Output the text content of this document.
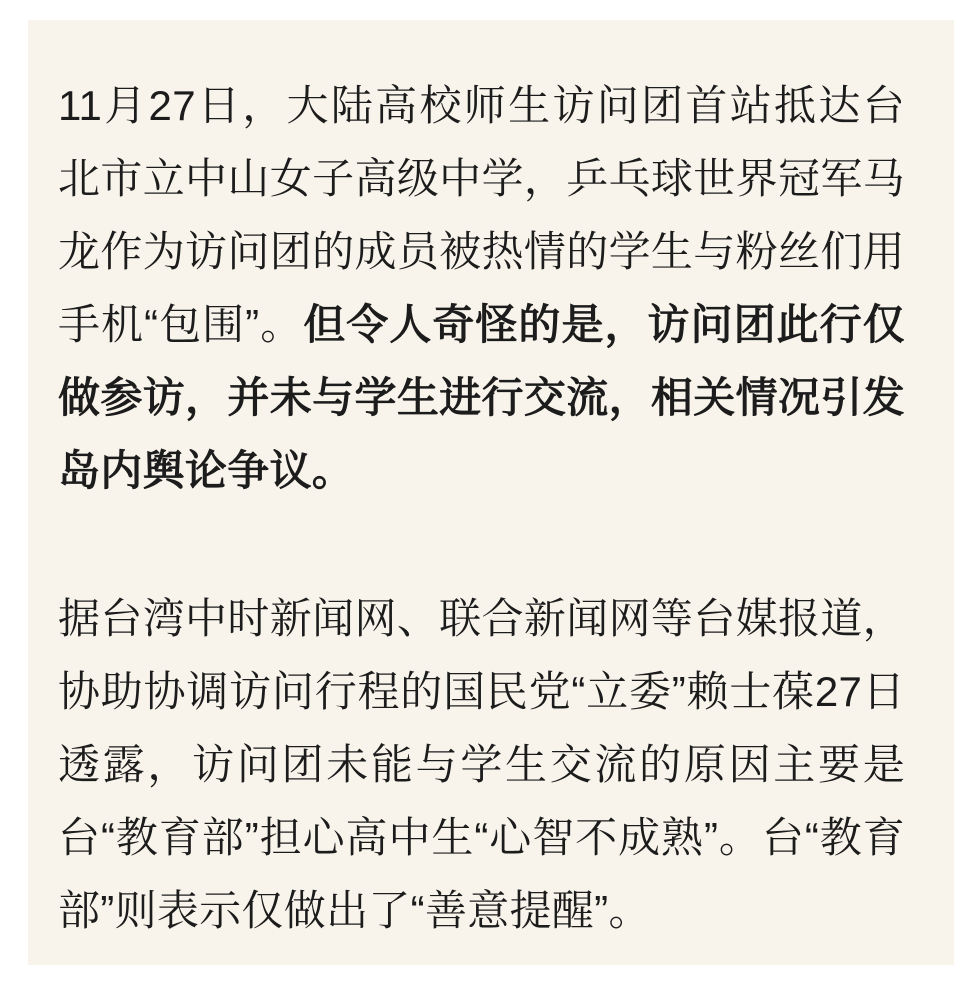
11月27日，大陆高校师生访问团首站抵达台北市立中山女子高级中学，乒乓球世界冠军马龙作为访问团的成员被热情的学生与粉丝们用手机“包围”。但令人奇怪的是，访问团此行仅做参访，并未与学生进行交流，相关情况引发岛内舆论争议。

据台湾中时新闻网、联合新闻网等台媒报道，协助协调访问行程的国民党“立委”赖士葆27日透露，访问团未能与学生交流的原因主要是台“教育部”担心高中生“心智不成熟”。台“教育部”则表示仅做出了“善意提醒”。
